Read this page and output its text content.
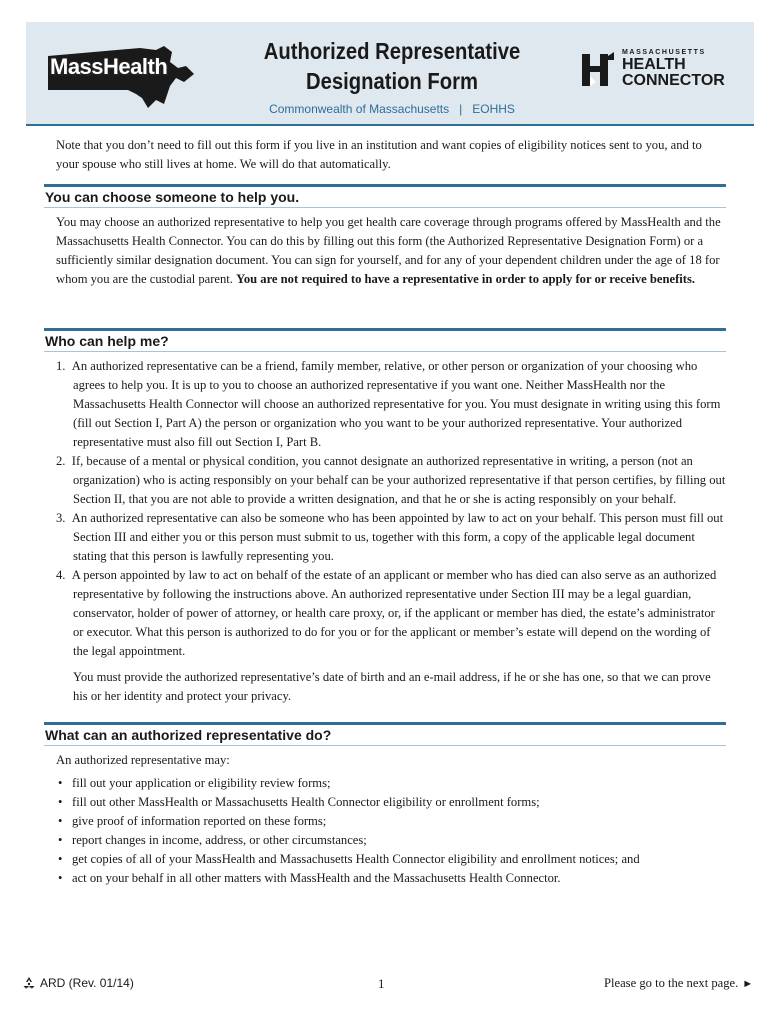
MassHealth
Authorized Representative
Designation Form
Commonwealth of Massachusetts   |   EOHHS
MASSACHUSETTS
HEALTH
CONNECTOR

Note that you don’t need to fill out this form if you live in an institution and want copies of eligibility notices sent to you, and to your spouse who still lives at home. We will do that automatically.

You can choose someone to help you.

You may choose an authorized representative to help you get health care coverage through programs offered by MassHealth and the Massachusetts Health Connector. You can do this by filling out this form (the Authorized Representative Designation Form) or a sufficiently similar designation document. You can sign for yourself, and for any of your dependent children under the age of 18 for whom you are the custodial parent. You are not required to have a representative in order to apply for or receive benefits.

Who can help me?
1. An authorized representative can be a friend, family member, relative, or other person or organization of your choosing who agrees to help you. It is up to you to choose an authorized representative if you want one. Neither MassHealth nor the Massachusetts Health Connector will choose an authorized representative for you. You must designate in writing using this form (fill out Section I, Part A) the person or organization who you want to be your authorized representative. Your authorized representative must also fill out Section I, Part B.
2. If, because of a mental or physical condition, you cannot designate an authorized representative in writing, a person (not an organization) who is acting responsibly on your behalf can be your authorized representative if that person certifies, by filling out Section II, that you are not able to provide a written designation, and that he or she is acting responsibly on your behalf.
3. An authorized representative can also be someone who has been appointed by law to act on your behalf. This person must fill out Section III and either you or this person must submit to us, together with this form, a copy of the applicable legal document stating that this person is lawfully representing you.
4. A person appointed by law to act on behalf of the estate of an applicant or member who has died can also serve as an authorized representative by following the instructions above. An authorized representative under Section III may be a legal guardian, conservator, holder of power of attorney, or health care proxy, or, if the applicant or member has died, the estate’s administrator or executor. What this person is authorized to do for you or for the applicant or member’s estate will depend on the wording of the legal appointment.

You must provide the authorized representative’s date of birth and an e-mail address, if he or she has one, so that we can prove his or her identity and protect your privacy.

What can an authorized representative do?

An authorized representative may:

• fill out your application or eligibility review forms;
• fill out other MassHealth or Massachusetts Health Connector eligibility or enrollment forms;
• give proof of information reported on these forms;
• report changes in income, address, or other circumstances;
• get copies of all of your MassHealth and Massachusetts Health Connector eligibility and enrollment notices; and
• act on your behalf in all other matters with MassHealth and the Massachusetts Health Connector.
ARD (Rev. 01/14)	1	Please go to the next page. ►
